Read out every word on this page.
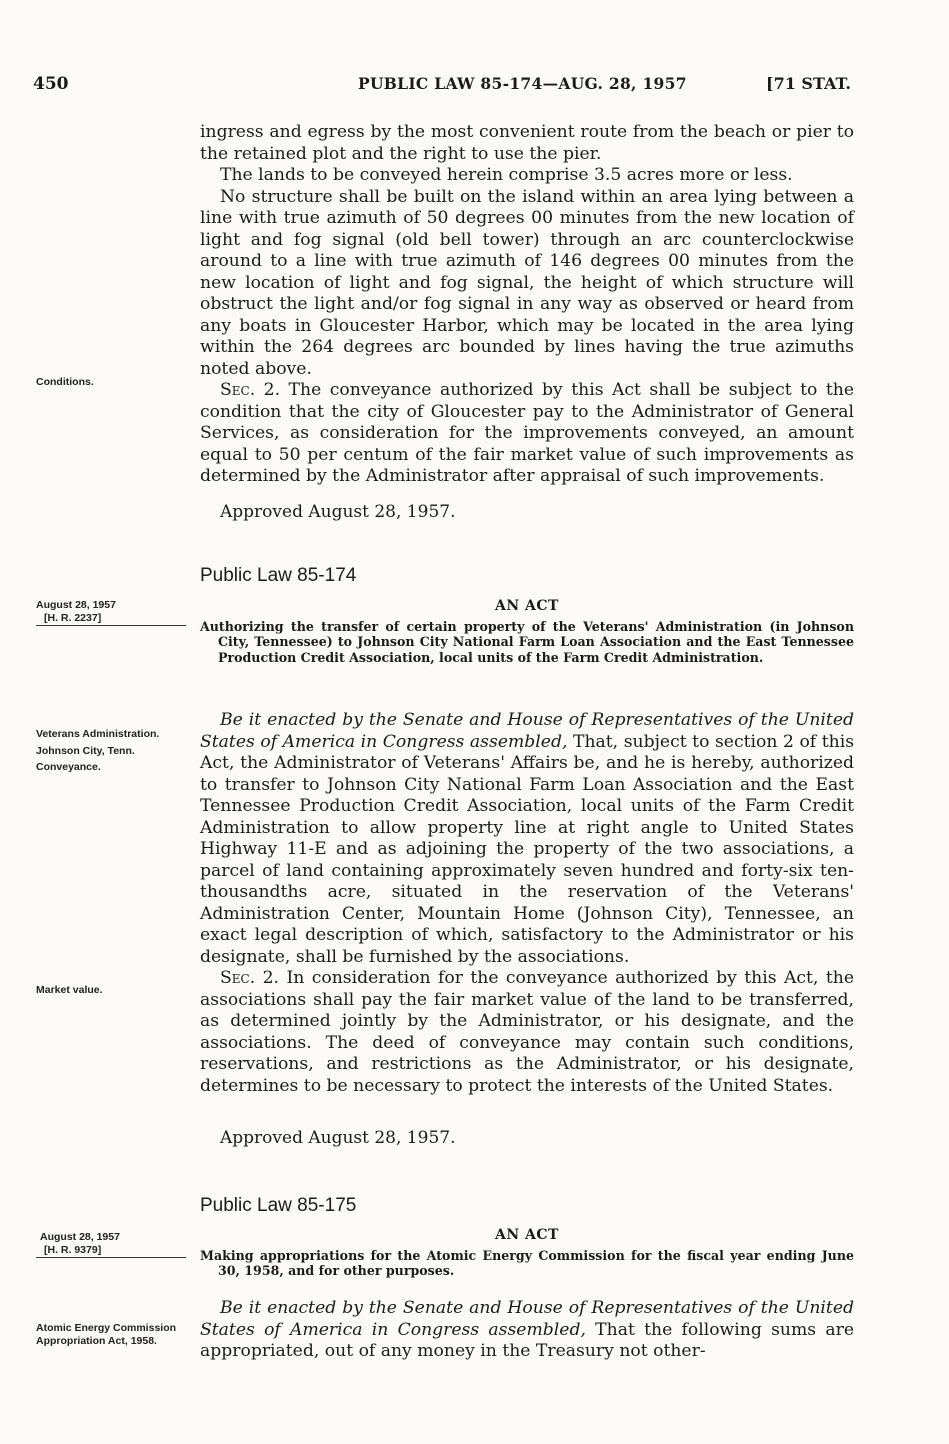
450	PUBLIC LAW 85-174—AUG. 28, 1957	[71 STAT.

ingress and egress by the most convenient route from the beach or pier to the retained plot and the right to use the pier.

The lands to be conveyed herein comprise 3.5 acres more or less.

No structure shall be built on the island within an area lying between a line with true azimuth of 50 degrees 00 minutes from the new location of light and fog signal (old bell tower) through an arc counterclockwise around to a line with true azimuth of 146 degrees 00 minutes from the new location of light and fog signal, the height of which structure will obstruct the light and/or fog signal in any way as observed or heard from any boats in Gloucester Harbor, which may be located in the area lying within the 264 degrees arc bounded by lines having the true azimuths noted above.

Sec. 2. The conveyance authorized by this Act shall be subject to the condition that the city of Gloucester pay to the Administrator of General Services, as consideration for the improvements conveyed, an amount equal to 50 per centum of the fair market value of such improvements as determined by the Administrator after appraisal of such improvements.

Approved August 28, 1957.
Conditions.
Public Law 85-174
August 28, 1957
[H. R. 2237]
AN ACT
Authorizing the transfer of certain property of the Veterans' Administration (in Johnson City, Tennessee) to Johnson City National Farm Loan Association and the East Tennessee Production Credit Association, local units of the Farm Credit Administration.
Veterans Administration.
Johnson City, Tenn.
Conveyance.

Be it enacted by the Senate and House of Representatives of the United States of America in Congress assembled, That, subject to section 2 of this Act, the Administrator of Veterans' Affairs be, and he is hereby, authorized to transfer to Johnson City National Farm Loan Association and the East Tennessee Production Credit Association, local units of the Farm Credit Administration to allow property line at right angle to United States Highway 11-E and as adjoining the property of the two associations, a parcel of land containing approximately seven hundred and forty-six ten-thousandths acre, situated in the reservation of the Veterans' Administration Center, Mountain Home (Johnson City), Tennessee, an exact legal description of which, satisfactory to the Administrator or his designate, shall be furnished by the associations.

Sec. 2. In consideration for the conveyance authorized by this Act, the associations shall pay the fair market value of the land to be transferred, as determined jointly by the Administrator, or his designate, and the associations. The deed of conveyance may contain such conditions, reservations, and restrictions as the Administrator, or his designate, determines to be necessary to protect the interests of the United States.

Market value.
Approved August 28, 1957.
Public Law 85-175
August 28, 1957
[H. R. 9379]
AN ACT
Making appropriations for the Atomic Energy Commission for the fiscal year ending June 30, 1958, and for other purposes.

Be it enacted by the Senate and House of Representatives of the United States of America in Congress assembled, That the following sums are appropriated, out of any money in the Treasury not other-

Atomic Energy Commission Appropriation Act, 1958.
